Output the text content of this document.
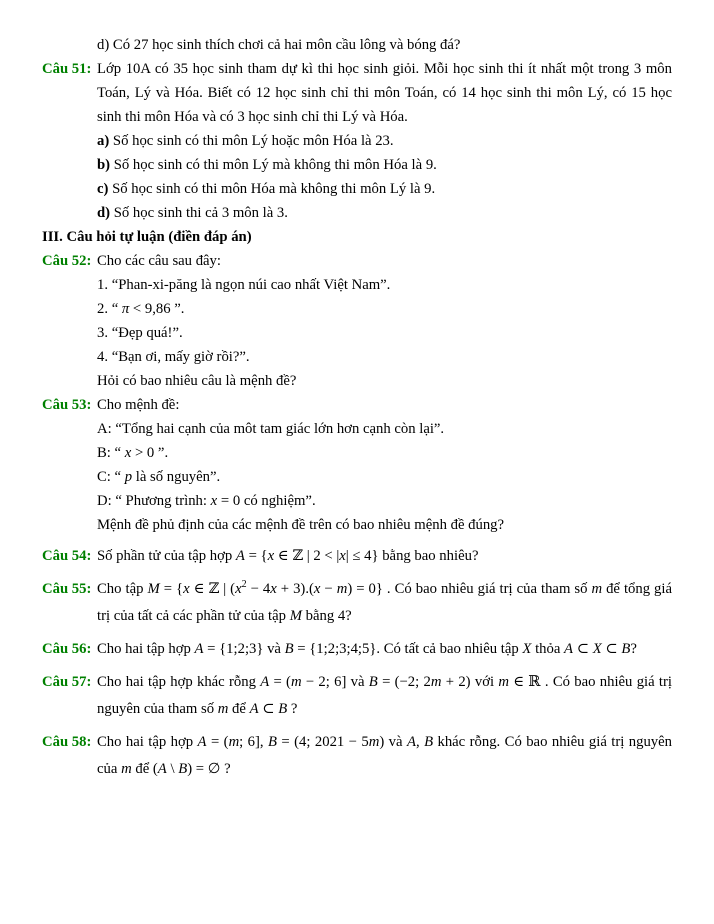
d) Có 27 học sinh thích chơi cả hai môn cầu lông và bóng đá?
Câu 51: Lớp 10A có 35 học sinh tham dự kì thi học sinh giỏi. Mỗi học sinh thi ít nhất một trong 3 môn Toán, Lý và Hóa. Biết có 12 học sinh chỉ thi môn Toán, có 14 học sinh thi môn Lý, có 15 học sinh thi môn Hóa và có 3 học sinh chỉ thi Lý và Hóa.
a) Số học sinh có thi môn Lý hoặc môn Hóa là 23.
b) Số học sinh có thi môn Lý mà không thi môn Hóa là 9.
c) Số học sinh có thi môn Hóa mà không thi môn Lý là 9.
d) Số học sinh thi cả 3 môn là 3.
III. Câu hỏi tự luận (điền đáp án)
Câu 52: Cho các câu sau đây:
1. “Phan-xi-păng là ngọn núi cao nhất Việt Nam”.
2. “ π < 9,86 ”.
3. “Đẹp quá!”.
4. “Bạn ơi, mấy giờ rồi?”.
Hỏi có bao nhiêu câu là mệnh đề?
Câu 53: Cho mệnh đề:
A: “Tổng hai cạnh của môt tam giác lớn hơn cạnh còn lại”.
B: “ x > 0 ”.
C: “ p là số nguyên”.
D: “ Phương trình: x = 0 có nghiệm”.
Mệnh đề phủ định của các mệnh đề trên có bao nhiêu mệnh đề đúng?
Câu 54: Số phần tử của tập hợp A = {x ∈ ℤ | 2 < |x| ≤ 4} bằng bao nhiêu?
Câu 55: Cho tập M = {x ∈ ℤ | $(x^2 - 4x + 3).(x - m) = 0$} . Có bao nhiêu giá trị của tham số m để tổng giá trị của tất cả các phần tử của tập M bằng 4?
Câu 56: Cho hai tập hợp A = {1;2;3} và B = {1;2;3;4;5}. Có tất cả bao nhiêu tập X thỏa A ⊂ X ⊂ B?
Câu 57: Cho hai tập hợp khác rỗng A = (m − 2; 6] và B = (−2; 2m + 2) với m ∈ ℝ . Có bao nhiêu giá trị nguyên của tham số m để A ⊂ B ?
Câu 58: Cho hai tập hợp A = (m; 6], B = (4; 2021 − 5m) và A, B khác rỗng. Có bao nhiêu giá trị nguyên của m để (A \ B) = ∅ ?
